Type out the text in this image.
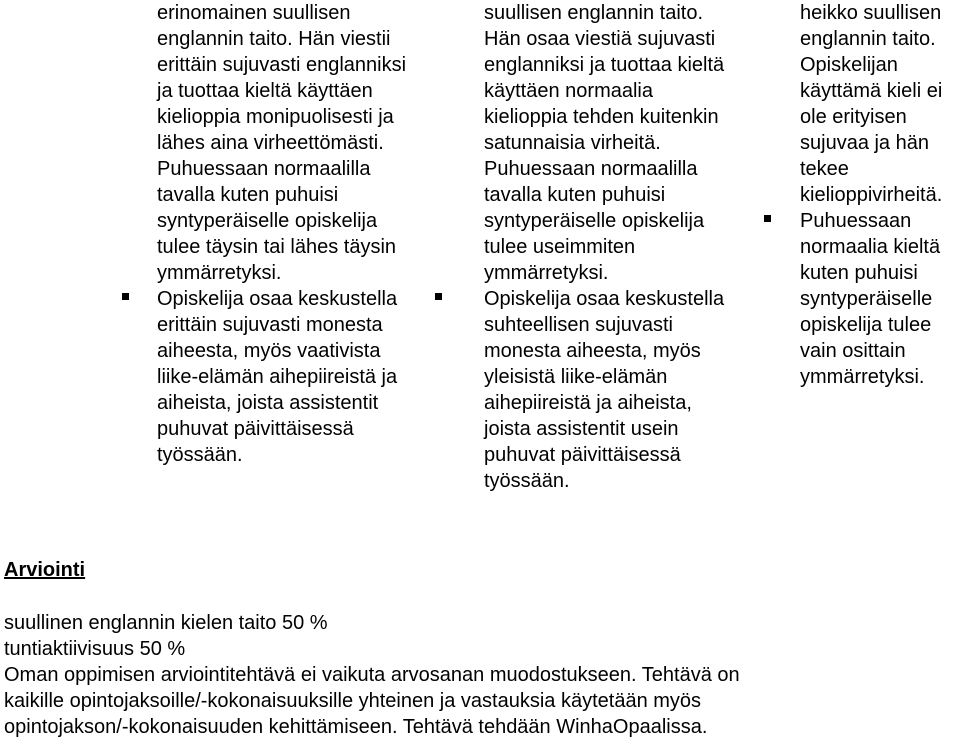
erinomainen suullisen
englannin taito. Hän viestii
erittäin sujuvasti englanniksi
ja tuottaa kieltä käyttäen
kielioppia monipuolisesti ja
lähes aina virheettömästi.
Puhuessaan normaalilla
tavalla kuten puhuisi
syntyperäiselle opiskelija
tulee täysin tai lähes täysin
ymmärretyksi.
Opiskelija osaa keskustella
erittäin sujuvasti monesta
aiheesta, myös vaativista
liike-elämän aihepiireistä ja
aiheista, joista assistentit
puhuvat päivittäisessä
työssään.
suullisen englannin taito.
Hän osaa viestiä sujuvasti
englanniksi ja tuottaa kieltä
käyttäen normaalia
kielioppia tehden kuitenkin
satunnaisia virheitä.
Puhuessaan normaalilla
tavalla kuten puhuisi
syntyperäiselle opiskelija
tulee useimmiten
ymmärretyksi.
Opiskelija osaa keskustella
suhteellisen sujuvasti
monesta aiheesta, myös
yleisistä liike-elämän
aihepiireistä ja aiheista,
joista assistentit usein
puhuvat päivittäisessä
työssään.
heikko suullisen
englannin taito.
Opiskelijan
käyttämä kieli ei
ole erityisen
sujuvaa ja hän
tekee
kielioppivirheitä.
Puhuessaan
normaalia kieltä
kuten puhuisi
syntyperäiselle
opiskelija tulee
vain osittain
ymmärretyksi.
Arviointi
suullinen englannin kielen taito 50 %
tuntiaktiivisuus 50 %
Oman oppimisen arviointitehtävä ei vaikuta arvosanan muodostukseen. Tehtävä on
kaikille opintojaksoille/-kokonaisuuksille yhteinen ja vastauksia käytetään myös
opintojakson/-kokonaisuuden kehittämiseen. Tehtävä tehdään WinhaOpaalissa.
